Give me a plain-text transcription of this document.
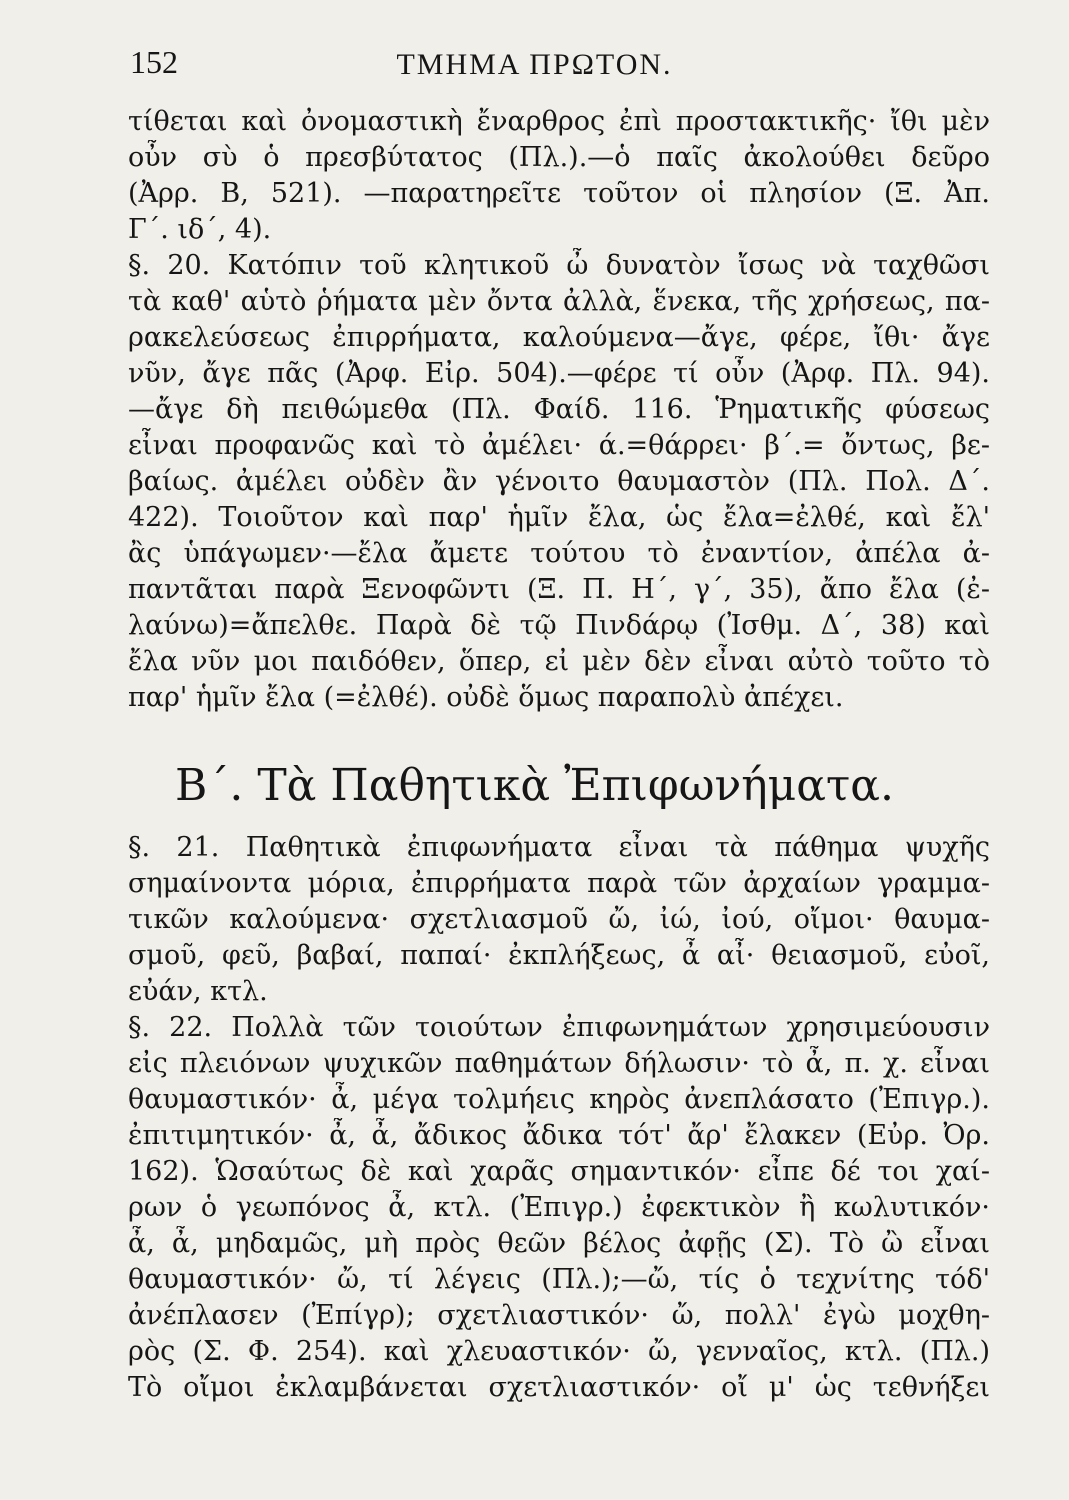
152	ΤΜΗΜΑ ΠΡΩΤΟΝ.
τίθεται καὶ ὀνομαστικὴ ἔναρθρος ἐπὶ προστακτικῆς· ἴθι μὲν
οὖν σὺ ὁ πρεσβύτατος (Πλ.).—ὁ παῖς ἀκολούθει δεῦρο
(Ἀρρ. Β, 521). —παρατηρεῖτε τοῦτον οἱ πλησίον (Ξ. Ἀπ.
Γ΄. ιδ΄, 4).
§. 20. Κατόπιν τοῦ κλητικοῦ ὦ δυνατὸν ἴσως νὰ ταχθῶσι
τὰ καθ' αὑτὸ ῥήματα μὲν ὄντα ἀλλὰ, ἕνεκα, τῆς χρήσεως, πα-
ρακελεύσεως ἐπιρρήματα, καλούμενα—ἄγε, φέρε, ἴθι· ἄγε
νῦν, ἄγε πᾶς (Ἀρφ. Εἰρ. 504).—φέρε τί οὖν (Ἀρφ. Πλ. 94).
—ἄγε δὴ πειθώμεθα (Πλ. Φαίδ. 116. Ῥηματικῆς φύσεως
εἶναι προφανῶς καὶ τὸ ἀμέλει· ά.=θάρρει· β΄.= ὄντως, βε-
βαίως. ἀμέλει οὐδὲν ἂν γένοιτο θαυμαστὸν (Πλ. Πολ. Δ΄.
422). Τοιοῦτον καὶ παρ' ἡμῖν ἔλα, ὡς ἔλα=ἐλθέ, καὶ ἔλ'
ἂς ὑπάγωμεν·—ἔλα ἄμετε τούτου τὸ ἐναντίον, ἀπέλα ἀ-
παντᾶται παρὰ Ξενοφῶντι (Ξ. Π. Η΄, γ΄, 35), ἄπο ἔλα (ἐ-
λαύνω)=ἄπελθε. Παρὰ δὲ τῷ Πινδάρῳ (Ἰσθμ. Δ΄, 38) καὶ
ἔλα νῦν μοι παιδόθεν, ὅπερ, εἰ μὲν δὲν εἶναι αὐτὸ τοῦτο τὸ
παρ' ἡμῖν ἔλα (=ἐλθέ). οὐδὲ ὅμως παραπολὺ ἀπέχει.
Β΄. Τὰ Παθητικὰ Ἐπιφωνήματα.
§. 21. Παθητικὰ ἐπιφωνήματα εἶναι τὰ πάθημα ψυχῆς
σημαίνοντα μόρια, ἐπιρρήματα παρὰ τῶν ἀρχαίων γραμμα-
τικῶν καλούμενα· σχετλιασμοῦ ὤ, ἰώ, ἰού, οἴμοι· θαυμα-
σμοῦ, φεῦ, βαβαί, παπαί· ἐκπλήξεως, ἆ αἶ· θειασμοῦ, εὐοῖ,
εὐάν, κτλ.
§. 22. Πολλὰ τῶν τοιούτων ἐπιφωνημάτων χρησιμεύουσιν
εἰς πλειόνων ψυχικῶν παθημάτων δήλωσιν· τὸ ἆ, π. χ. εἶναι
θαυμαστικόν· ἆ, μέγα τολμήεις κηρὸς ἀνεπλάσατο (Ἐπιγρ.).
ἐπιτιμητικόν· ἆ, ἆ, ἄδικος ἄδικα τότ' ἄρ' ἔλακεν (Εὐρ. Ὀρ.
162). Ὡσαύτως δὲ καὶ χαρᾶς σημαντικόν· εἶπε δέ τοι χαί-
ρων ὁ γεωπόνος ἆ, κτλ. (Ἐπιγρ.) ἐφεκτικὸν ἢ κωλυτικόν·
ἆ, ἆ, μηδαμῶς, μὴ πρὸς θεῶν βέλος ἀφῇς (Σ). Τὸ ὢ εἶναι
θαυμαστικόν· ὤ, τί λέγεις (Πλ.);—ὤ, τίς ὁ τεχνίτης τόδ'
ἀνέπλασεν (Ἐπίγρ); σχετλιαστικόν· ὤ, πολλ' ἐγὼ μοχθη-
ρὸς (Σ. Φ. 254). καὶ χλευαστικόν· ὤ, γενναῖος, κτλ. (Πλ.)
Τὸ οἴμοι ἐκλαμβάνεται σχετλιαστικόν· οἴ μ' ὡς τεθνήξει
